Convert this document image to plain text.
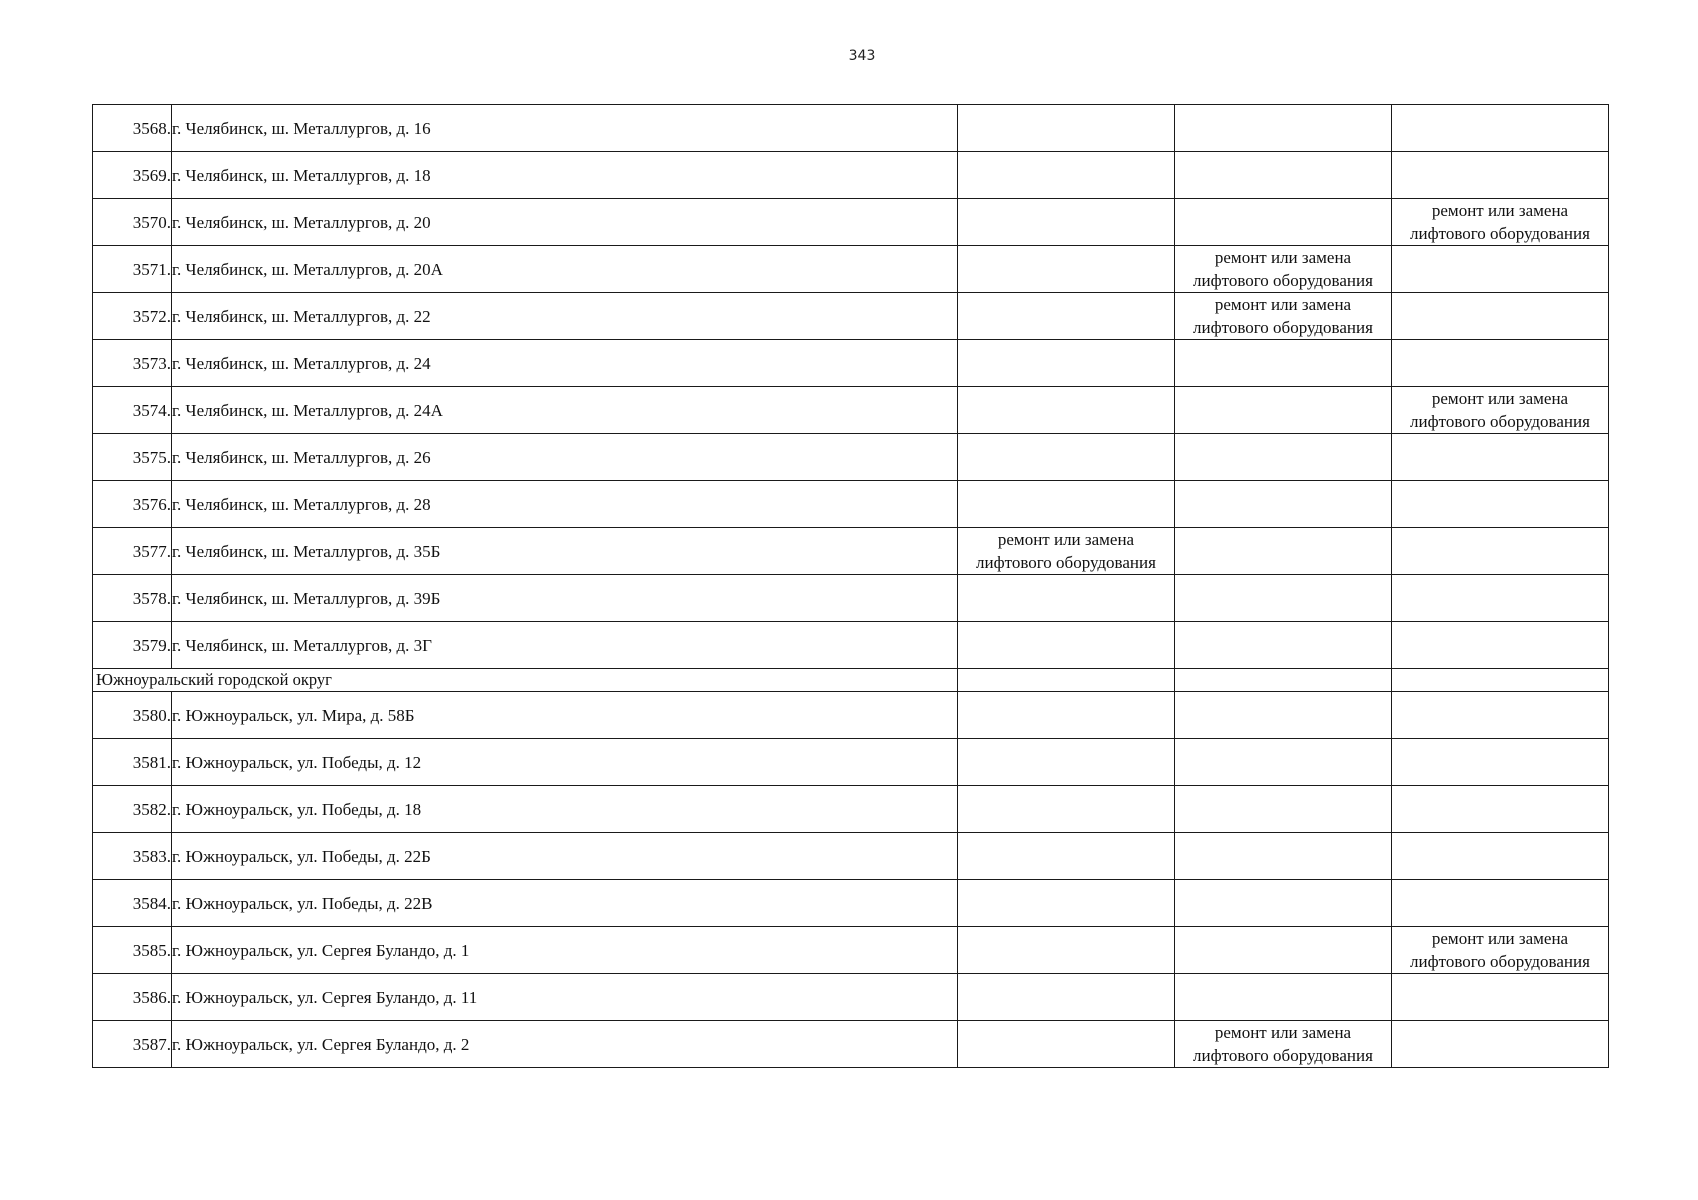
343
3568.	г. Челябинск, ш. Металлургов, д. 16			
3569.	г. Челябинск, ш. Металлургов, д. 18			
3570.	г. Челябинск, ш. Металлургов, д. 20			ремонт или замена
лифтового оборудования

3571.	г. Челябинск, ш. Металлургов, д. 20А		ремонт или замена
лифтового оборудования	

3572.	г. Челябинск, ш. Металлургов, д. 22		ремонт или замена
лифтового оборудования	

3573.	г. Челябинск, ш. Металлургов, д. 24			
3574.	г. Челябинск, ш. Металлургов, д. 24А			ремонт или замена
лифтового оборудования

3575.	г. Челябинск, ш. Металлургов, д. 26			
3576.	г. Челябинск, ш. Металлургов, д. 28			
3577.	г. Челябинск, ш. Металлургов, д. 35Б	ремонт или замена
лифтового оборудования		

3578.	г. Челябинск, ш. Металлургов, д. 39Б			
3579.	г. Челябинск, ш. Металлургов, д. 3Г			
Южноуральский городской округ				
3580.	г. Южноуральск, ул. Мира, д. 58Б			
3581.	г. Южноуральск, ул. Победы, д. 12			
3582.	г. Южноуральск, ул. Победы, д. 18			
3583.	г. Южноуральск, ул. Победы, д. 22Б			
3584.	г. Южноуральск, ул. Победы, д. 22В			
3585.	г. Южноуральск, ул. Сергея Буландо, д. 1			ремонт или замена
лифтового оборудования

3586.	г. Южноуральск, ул. Сергея Буландо, д. 11			
3587.	г. Южноуральск, ул. Сергея Буландо, д. 2		ремонт или замена
лифтового оборудования	
